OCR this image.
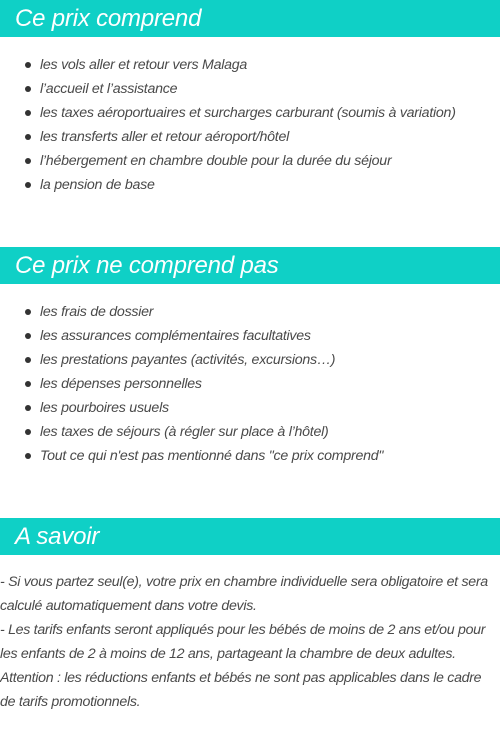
Ce prix comprend
les vols aller et retour vers Malaga
l’accueil et l’assistance
les taxes aéroportuaires et surcharges carburant (soumis à variation)
les transferts aller et retour aéroport/hôtel
l’hébergement en chambre double pour la durée du séjour
la pension de base
Ce prix ne comprend pas
les frais de dossier
les assurances complémentaires facultatives
les prestations payantes (activités, excursions…)
les dépenses personnelles
les pourboires usuels
les taxes de séjours (à régler sur place à l’hôtel)
Tout ce qui n'est pas mentionné dans "ce prix comprend"
A savoir

- Si vous partez seul(e), votre prix en chambre individuelle sera obligatoire et sera calculé automatiquement dans votre devis.

- Les tarifs enfants seront appliqués pour les bébés de moins de 2 ans et/ou pour les enfants de 2 à moins de 12 ans, partageant la chambre de deux adultes.

Attention : les réductions enfants et bébés ne sont pas applicables dans le cadre de tarifs promotionnels.
